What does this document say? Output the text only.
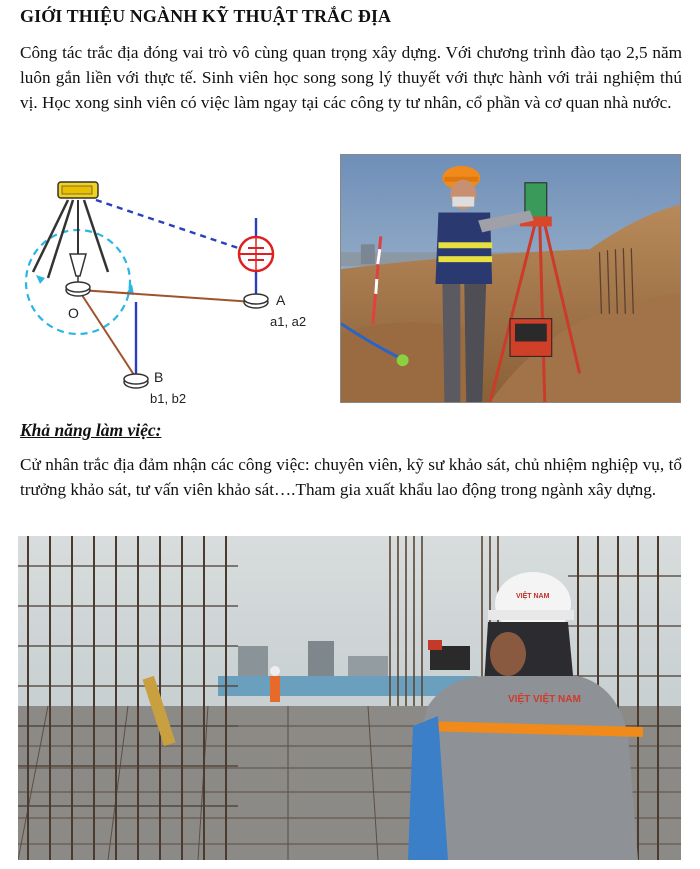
GIỚI THIỆU NGÀNH KỸ THUẬT TRẮC ĐỊA
Công tác trắc địa đóng vai trò vô cùng quan trọng xây dựng. Với chương trình đào tạo 2,5 năm luôn gắn liền với thực tế. Sinh viên học song song lý thuyết với thực hành với trải nghiệm thú vị. Học xong sinh viên có việc làm ngay tại các công ty tư nhân, cổ phần và cơ quan nhà nước.
O
A
a1, a2
B
b1, b2
Khả năng làm việc:
Cử nhân trắc địa đảm nhận các công việc: chuyên viên, kỹ sư khảo sát, chủ nhiệm nghiệp vụ, tổ trưởng khảo sát, tư vấn viên khảo sát….Tham gia xuất khẩu lao động trong ngành xây dựng.
VIỆT NAM
VIỆT VIỆT NAM
